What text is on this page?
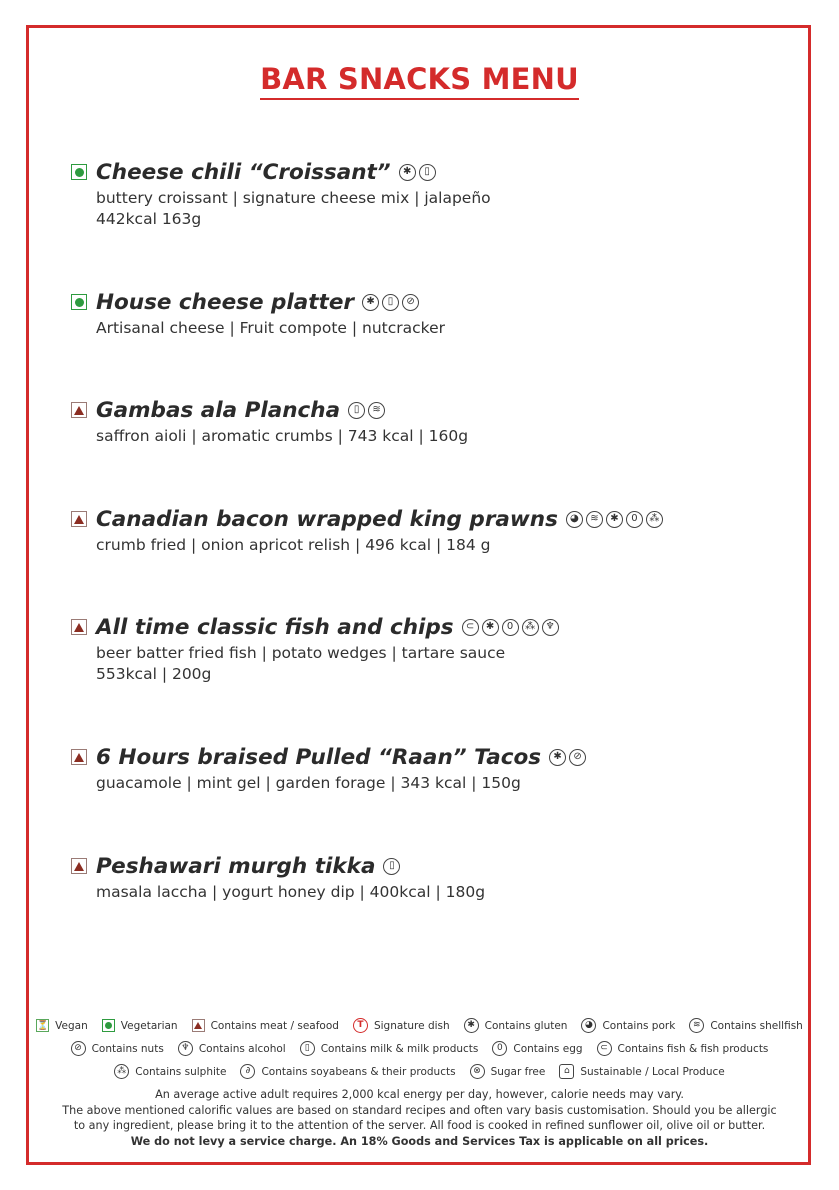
BAR SNACKS MENU
Cheese chili “Croissant”	✱	▯
buttery croissant | signature cheese mix | jalapeño
442kcal 163g
House cheese platter	✱	▯	⊘
Artisanal cheese | Fruit compote | nutcracker
Gambas ala Plancha	▯	≋
saffron aioli | aromatic crumbs | 743 kcal | 160g
Canadian bacon wrapped king prawns	◕	≋	✱	0	⁂
crumb fried | onion apricot relish | 496 kcal | 184 g
All time classic fish and chips	⊂	✱	0	⁂	♆
beer batter fried fish | potato wedges | tartare sauce
553kcal | 200g
6 Hours braised Pulled “Raan” Tacos	✱	⊘
guacamole | mint gel | garden forage | 343 kcal | 150g
Peshawari murgh tikka	▯
masala laccha | yogurt honey dip | 400kcal | 180g
⏳ Vegan	Vegetarian	Contains meat / seafood	T Signature dish	✱ Contains gluten	◕ Contains pork	≋ Contains shellfish
⊘ Contains nuts	♆ Contains alcohol	▯	Contains milk & milk products	0	Contains egg	⊂ Contains fish & fish products
⁂ Contains sulphite	∂	Contains soyabeans & their products	⊗ Sugar free	⌂	Sustainable / Local Produce
An average active adult requires 2,000 kcal energy per day, however, calorie needs may vary.
The above mentioned calorific values are based on standard recipes and often vary basis customisation. Should you be allergic
to any ingredient, please bring it to the attention of the server. All food is cooked in refined sunflower oil, olive oil or butter.
We do not levy a service charge. An 18% Goods and Services Tax is applicable on all prices.
